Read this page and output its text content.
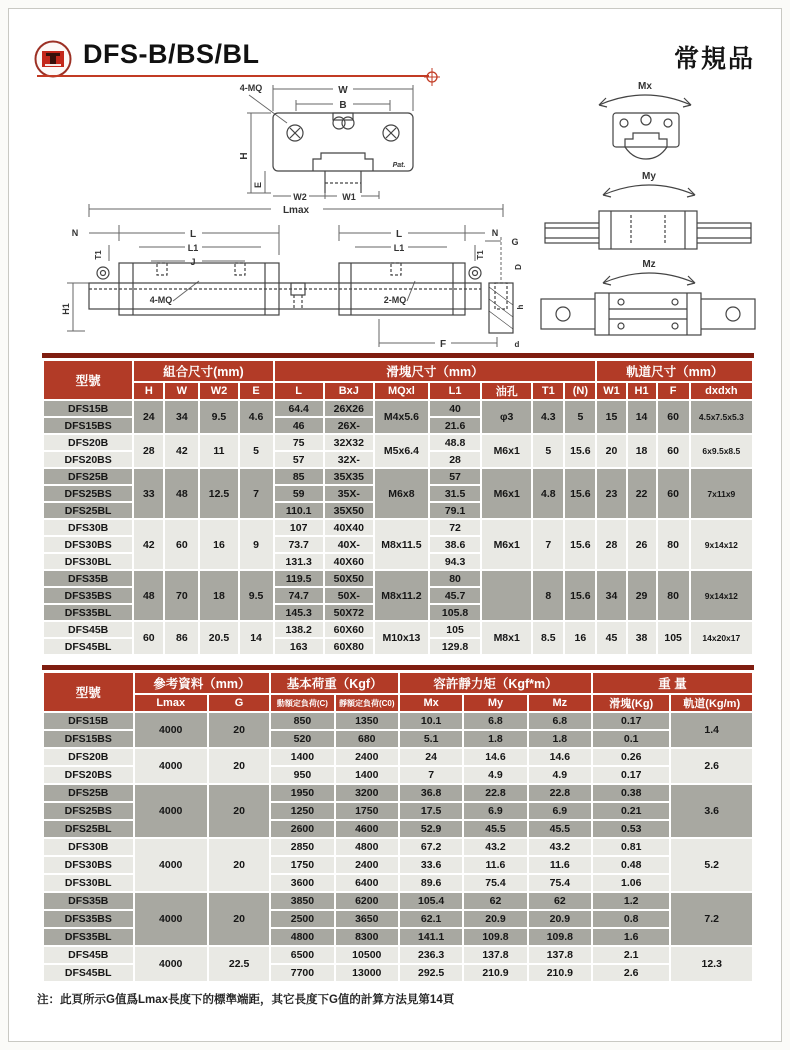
DFS-B/BS/BL	常規品
4-MQ	W
B
H
E
W2	W1
Pat.
Lmax
N	L
L1
J
4-MQ
L
L1
N
2-MQ
T1	T1
H1
G
D
h
d
F
Mx
My
Mz
型號	組合尺寸(mm)				滑塊尺寸（mm）							軌道尺寸（mm）			
	H	W	W2	E	L	BxJ	MQxl	L1	油孔	T1	(N)	W1	H1	F	dxdxh
DFS15B	24	34	9.5	4.6	64.4	26X26	M4x5.6	40	φ3	4.3	5	15	14	60	4.5x7.5x5.3
DFS15BS					46	26X-		21.6							
DFS20B	28	42	11	5	75	32X32	M5x6.4	48.8	M6x1	5	15.6	20	18	60	6x9.5x8.5
DFS20BS					57	32X-		28							
DFS25B	33	48	12.5	7	85	35X35	M6x8	57	M6x1	4.8	15.6	23	22	60	7x11x9
DFS25BS					59	35X-		31.5							
DFS25BL					110.1	35X50		79.1							
DFS30B	42	60	16	9	107	40X40	M8x11.5	72	M6x1	7	15.6	28	26	80	9x14x12
DFS30BS					73.7	40X-		38.6							
DFS30BL					131.3	40X60		94.3							
DFS35B	48	70	18	9.5	119.5	50X50	M8x11.2	80		8	15.6	34	29	80	9x14x12
DFS35BS					74.7	50X-		45.7							
DFS35BL					145.3	50X72		105.8							
DFS45B	60	86	20.5	14	138.2	60X60	M10x13	105	M8x1	8.5	16	45	38	105	14x20x17
DFS45BL					163	60X80		129.8							
型號	參考資料（mm）		基本荷重（Kgf）		容許靜力矩（Kgf*m）			重 量	
	Lmax	G	動額定負荷(C)	靜額定負荷(C0)	Mx	My	Mz	滑塊(Kg)	軌道(Kg/m)
DFS15B	4000	20	850	1350	10.1	6.8	6.8	0.17	1.4
DFS15BS			520	680	5.1	1.8	1.8	0.1	
DFS20B	4000	20	1400	2400	24	14.6	14.6	0.26	2.6
DFS20BS			950	1400	7	4.9	4.9	0.17	
DFS25B	4000	20	1950	3200	36.8	22.8	22.8	0.38	3.6
DFS25BS			1250	1750	17.5	6.9	6.9	0.21	
DFS25BL			2600	4600	52.9	45.5	45.5	0.53	
DFS30B	4000	20	2850	4800	67.2	43.2	43.2	0.81	5.2
DFS30BS			1750	2400	33.6	11.6	11.6	0.48	
DFS30BL			3600	6400	89.6	75.4	75.4	1.06	
DFS35B	4000	20	3850	6200	105.4	62	62	1.2	7.2
DFS35BS			2500	3650	62.1	20.9	20.9	0.8	
DFS35BL			4800	8300	141.1	109.8	109.8	1.6	
DFS45B	4000	22.5	6500	10500	236.3	137.8	137.8	2.1	12.3
DFS45BL			7700	13000	292.5	210.9	210.9	2.6	
注：此頁所示G值爲Lmax長度下的標準端距，其它長度下G值的計算方法見第14頁
